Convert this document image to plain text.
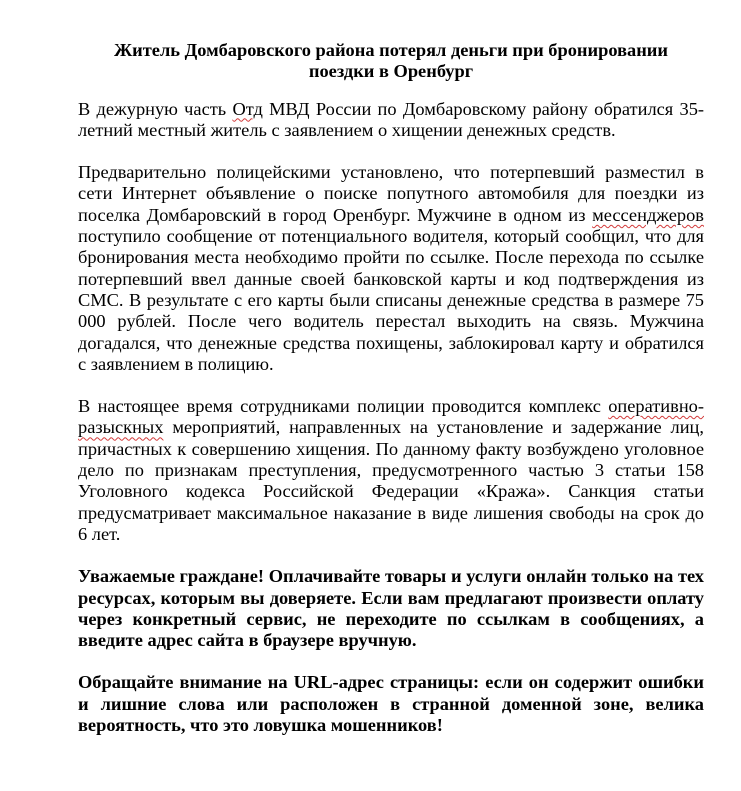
Житель Домбаровского района потерял деньги при бронировании поездки в Оренбург

В дежурную часть Отд МВД России по Домбаровскому району обратился 35-летний местный житель с заявлением о хищении денежных средств.

Предварительно полицейскими установлено, что потерпевший разместил в сети Интернет объявление о поиске попутного автомобиля для поездки из поселка Домбаровский в город Оренбург. Мужчине в одном из мессенджеров поступило сообщение от потенциального водителя, который сообщил, что для бронирования места необходимо пройти по ссылке. После перехода по ссылке потерпевший ввел данные своей банковской карты и код подтверждения из СМС. В результате с его карты были списаны денежные средства в размере 75 000 рублей. После чего водитель перестал выходить на связь. Мужчина догадался, что денежные средства похищены, заблокировал карту и обратился с заявлением в полицию.

В настоящее время сотрудниками полиции проводится комплекс оперативно-разыскных мероприятий, направленных на установление и задержание лиц, причастных к совершению хищения. По данному факту возбуждено уголовное дело по признакам преступления, предусмотренного частью 3 статьи 158 Уголовного кодекса Российской Федерации «Кража». Санкция статьи предусматривает максимальное наказание в виде лишения свободы на срок до 6 лет.

Уважаемые граждане! Оплачивайте товары и услуги онлайн только на тех ресурсах, которым вы доверяете. Если вам предлагают произвести оплату через конкретный сервис, не переходите по ссылкам в сообщениях, а введите адрес сайта в браузере вручную.

Обращайте внимание на URL-адрес страницы: если он содержит ошибки и лишние слова или расположен в странной доменной зоне, велика вероятность, что это ловушка мошенников!
